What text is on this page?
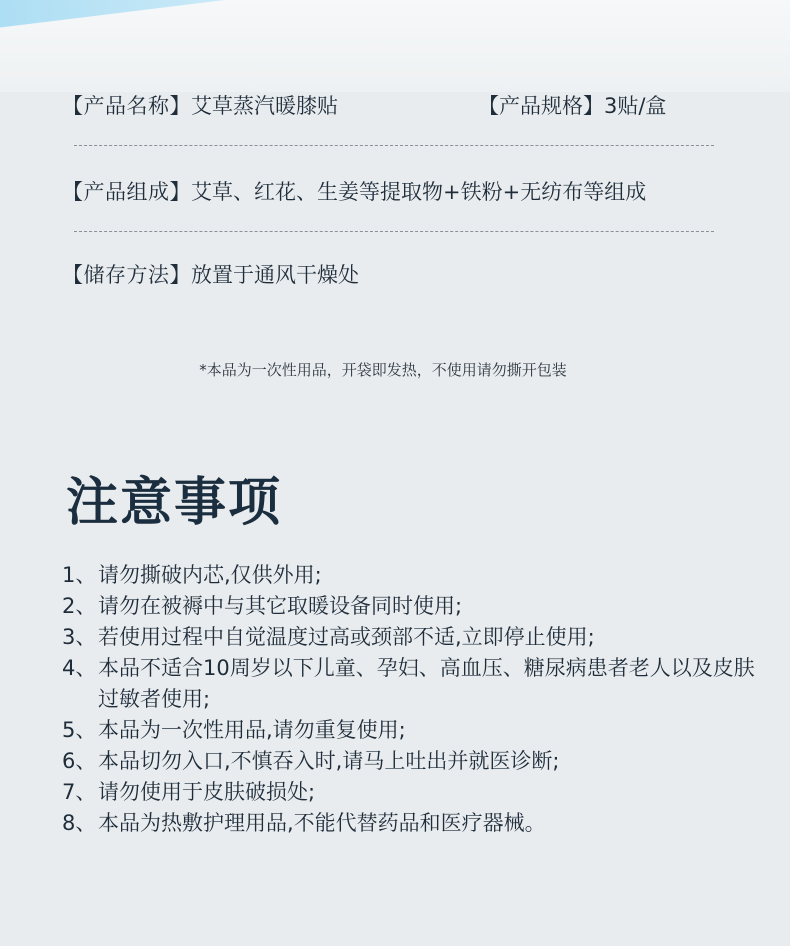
【产品名称】艾草蒸汽暖膝贴	【产品规格】3贴/盒
【产品组成】艾草、红花、生姜等提取物+铁粉+无纺布等组成
【储存方法】放置于通风干燥处
*本品为一次性用品，开袋即发热，不使用请勿撕开包装
注意事项
1、 请勿撕破内芯,仅供外用;
2、 请勿在被褥中与其它取暖设备同时使用;
3、 若使用过程中自觉温度过高或颈部不适,立即停止使用;
4、 本品不适合10周岁以下儿童、孕妇、高血压、糖尿病患者老人以及皮肤过敏者使用;
5、 本品为一次性用品,请勿重复使用;
6、 本品切勿入口,不慎吞入时,请马上吐出并就医诊断;
7、 请勿使用于皮肤破损处;
8、 本品为热敷护理用品,不能代替药品和医疗器械。
